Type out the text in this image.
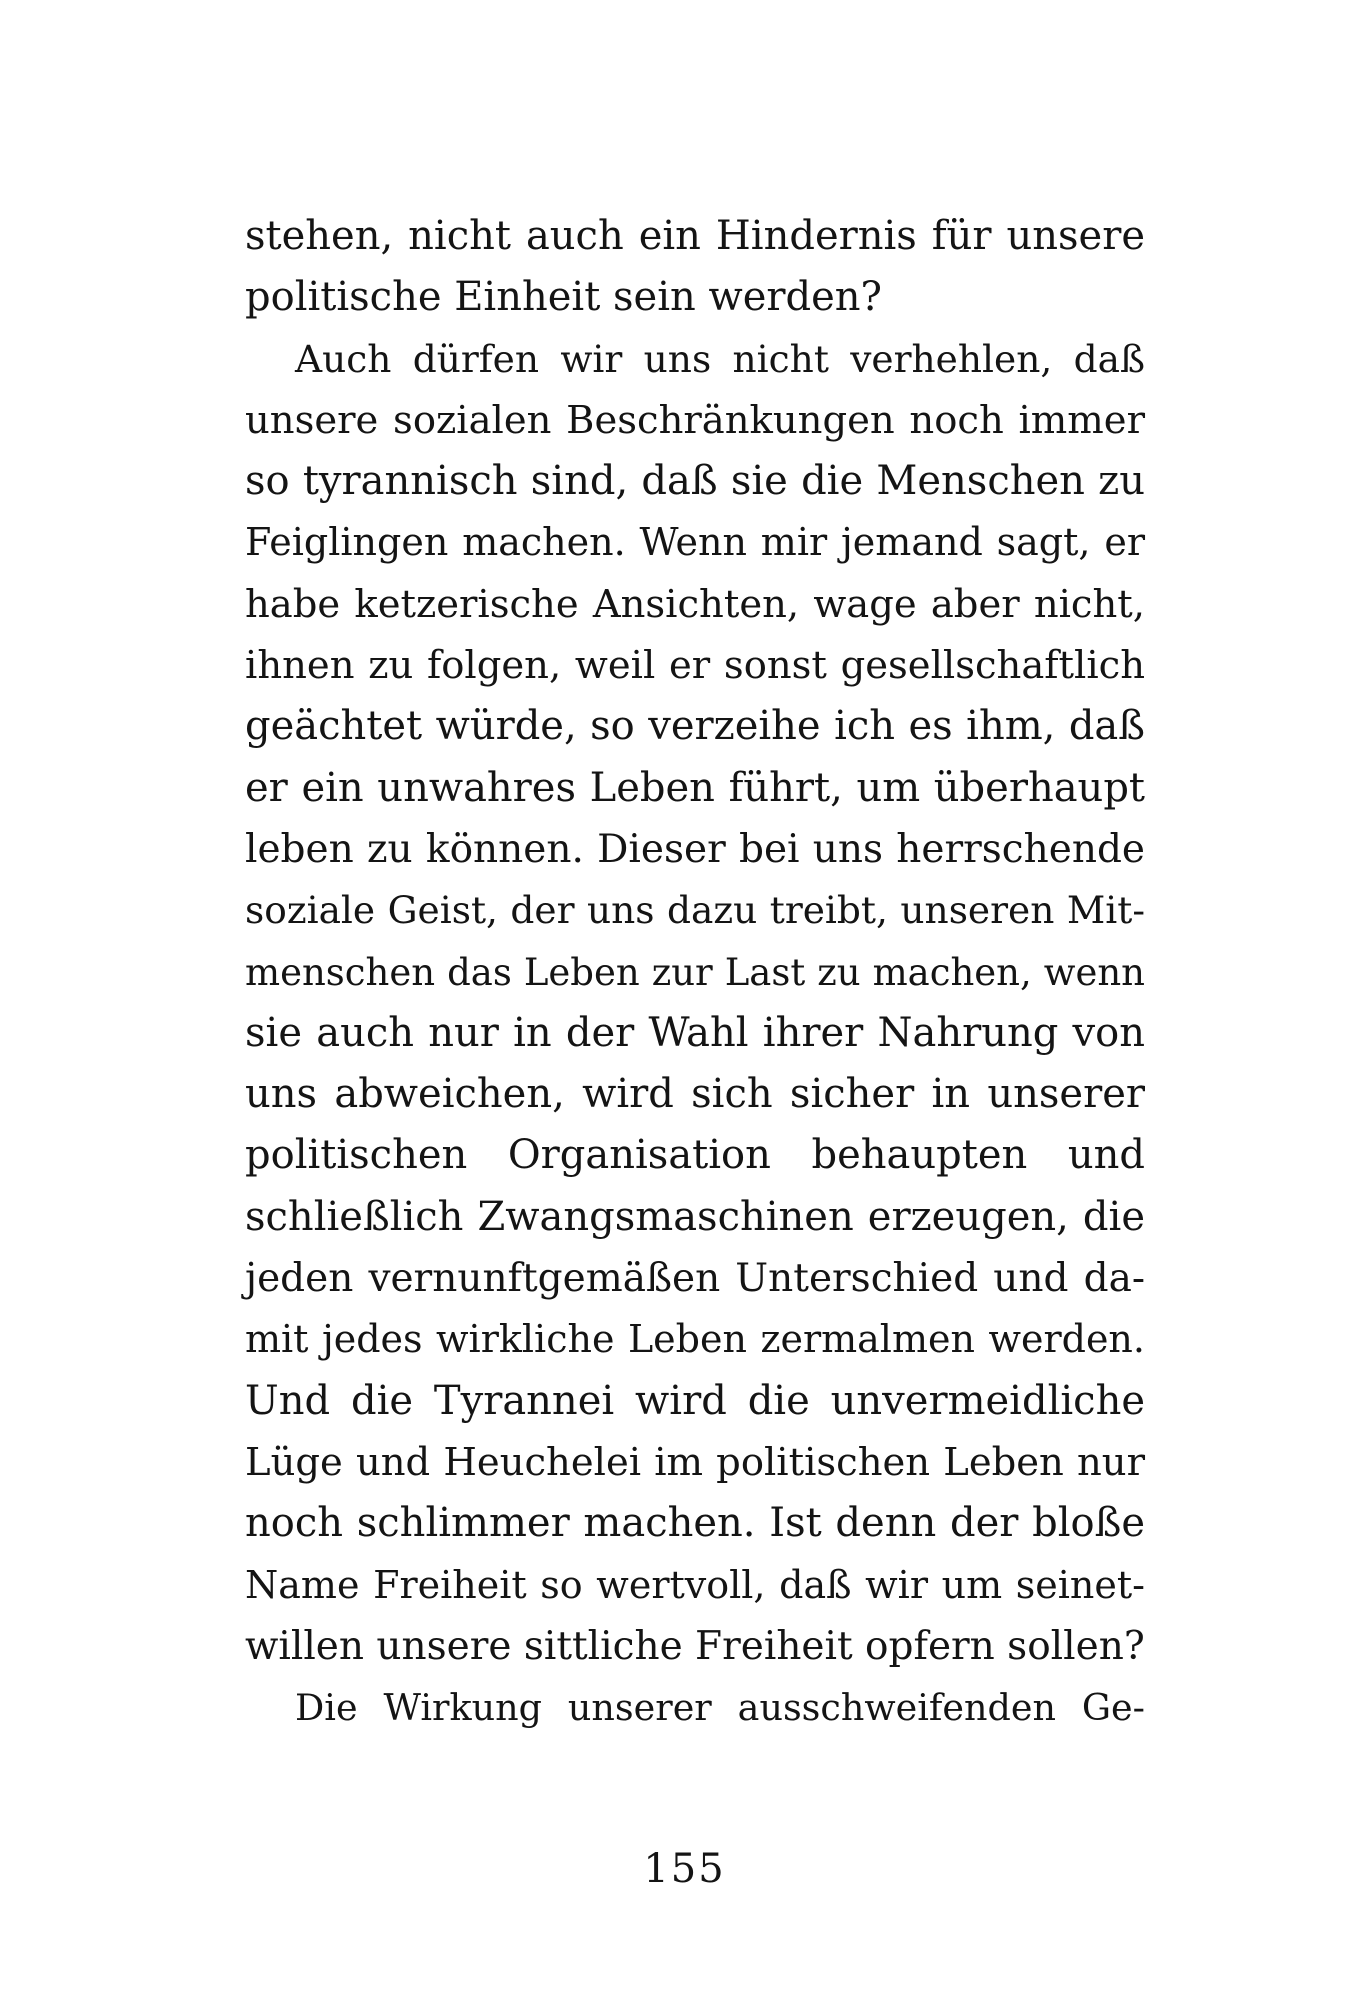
stehen, nicht auch ein Hindernis für unsere
politische Einheit sein werden?
Auch dürfen wir uns nicht verhehlen, daß
unsere sozialen Beschränkungen noch immer
so tyrannisch sind, daß sie die Menschen zu
Feiglingen machen. Wenn mir jemand sagt, er
habe ketzerische Ansichten, wage aber nicht,
ihnen zu folgen, weil er sonst gesellschaftlich
geächtet würde, so verzeihe ich es ihm, daß
er ein unwahres Leben führt, um überhaupt
leben zu können. Dieser bei uns herrschende
soziale Geist, der uns dazu treibt, unseren Mit-
menschen das Leben zur Last zu machen, wenn
sie auch nur in der Wahl ihrer Nahrung von
uns abweichen, wird sich sicher in unserer
politischen Organisation behaupten und
schließlich Zwangsmaschinen erzeugen, die
jeden vernunftgemäßen Unterschied und da-
mit jedes wirkliche Leben zermalmen werden.
Und die Tyrannei wird die unvermeidliche
Lüge und Heuchelei im politischen Leben nur
noch schlimmer machen. Ist denn der bloße
Name Freiheit so wertvoll, daß wir um seinet-
willen unsere sittliche Freiheit opfern sollen?
Die Wirkung unserer ausschweifenden Ge-
155
